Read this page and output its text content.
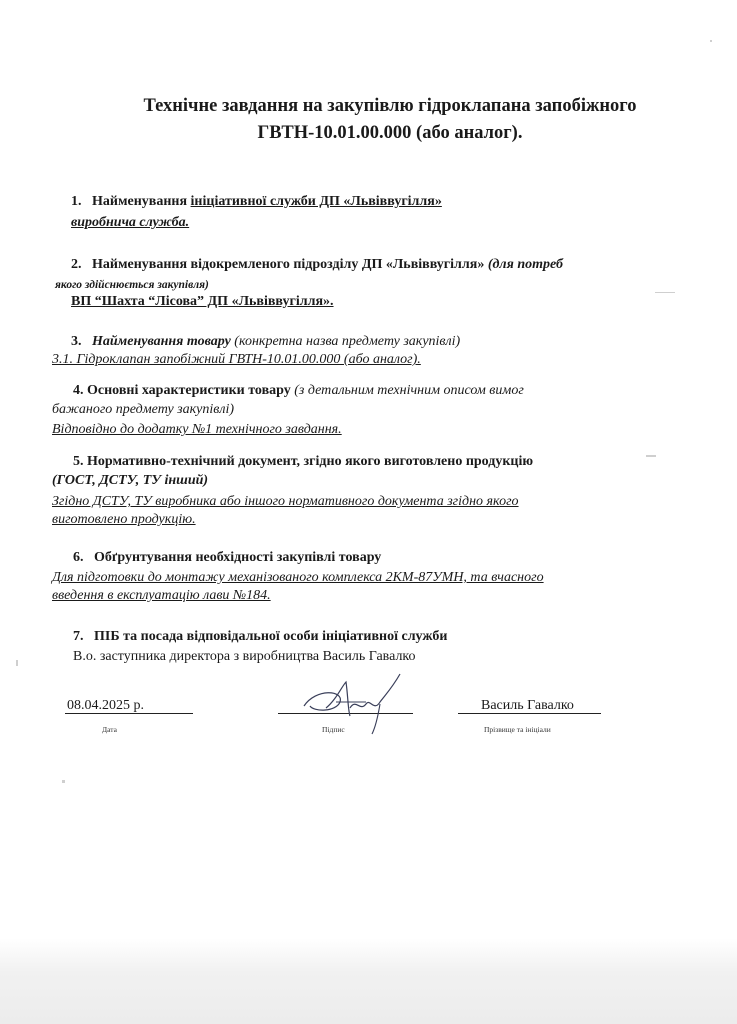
Технічне завдання на закупівлю гідроклапана запобіжного
ГВТН-10.01.00.000 (або аналог).
1. Найменування ініціативної служби ДП «Львіввугілля»
виробнича служба.
2. Найменування відокремленого підрозділу ДП «Львіввугілля» (для потреб
якого здійснюється закупівля)
ВП “Шахта “Лісова” ДП «Львіввугілля».
3. Найменування товару (конкретна назва предмету закупівлі)
3.1. Гідроклапан запобіжний ГВТН-10.01.00.000 (або аналог).
4. Основні характеристики товару (з детальним технічним описом вимог
бажаного предмету закупівлі)
Відповідно до додатку №1 технічного завдання.
5. Нормативно-технічний документ, згідно якого виготовлено продукцію
(ГОСТ, ДСТУ, ТУ інший)
Згідно ДСТУ, ТУ виробника або іншого нормативного документа згідно якого
виготовлено продукцію.
6. Обґрунтування необхідності закупівлі товару
Для підготовки до монтажу механізованого комплекса 2КМ-87УМН, та вчасного
введення в експлуатацію лави №184.
7. ПІБ та посада відповідальної особи ініціативної служби
В.о. заступника директора з виробництва Василь Гавалко
08.04.2025 р.
Дата	Підпис
Василь Гавалко
Прізвище та ініціали
